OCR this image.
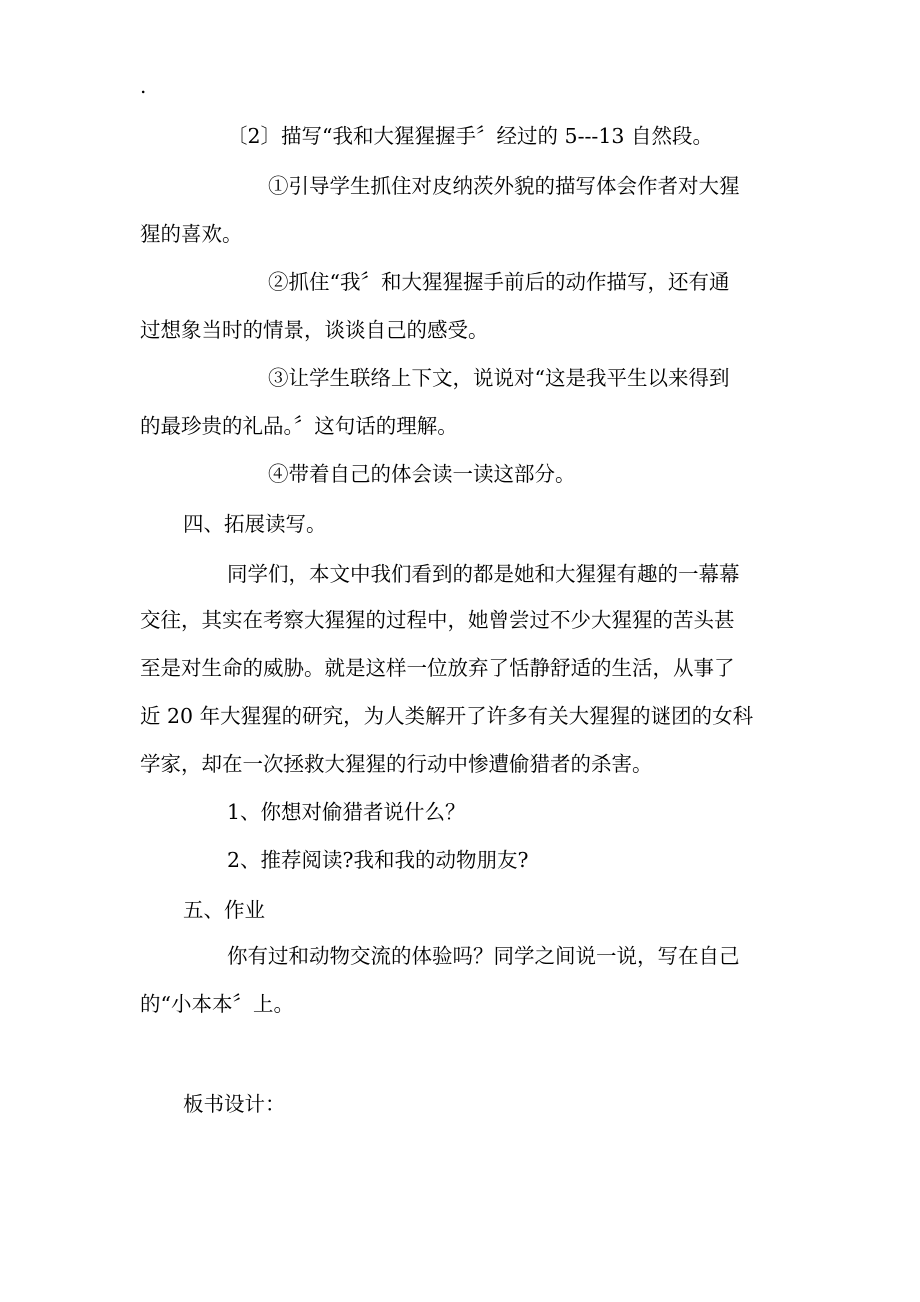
.
〔2〕描写“我和大猩猩握手〞经过的 5---13 自然段。
①引导学生抓住对皮纳茨外貌的描写体会作者对大猩
猩的喜欢。
②抓住“我〞和大猩猩握手前后的动作描写，还有通
过想象当时的情景，谈谈自己的感受。
③让学生联络上下文，说说对“这是我平生以来得到
的最珍贵的礼品。〞这句话的理解。
④带着自己的体会读一读这部分。
四、拓展读写。
同学们，本文中我们看到的都是她和大猩猩有趣的一幕幕
交往，其实在考察大猩猩的过程中，她曾尝过不少大猩猩的苦头甚
至是对生命的威胁。就是这样一位放弃了恬静舒适的生活，从事了
近 20 年大猩猩的研究，为人类解开了许多有关大猩猩的谜团的女科
学家，却在一次拯救大猩猩的行动中惨遭偷猎者的杀害。
1、你想对偷猎者说什么？
2、推荐阅读?我和我的动物朋友?
五、作业
你有过和动物交流的体验吗？同学之间说一说，写在自己
的“小本本〞上。
板书设计：
